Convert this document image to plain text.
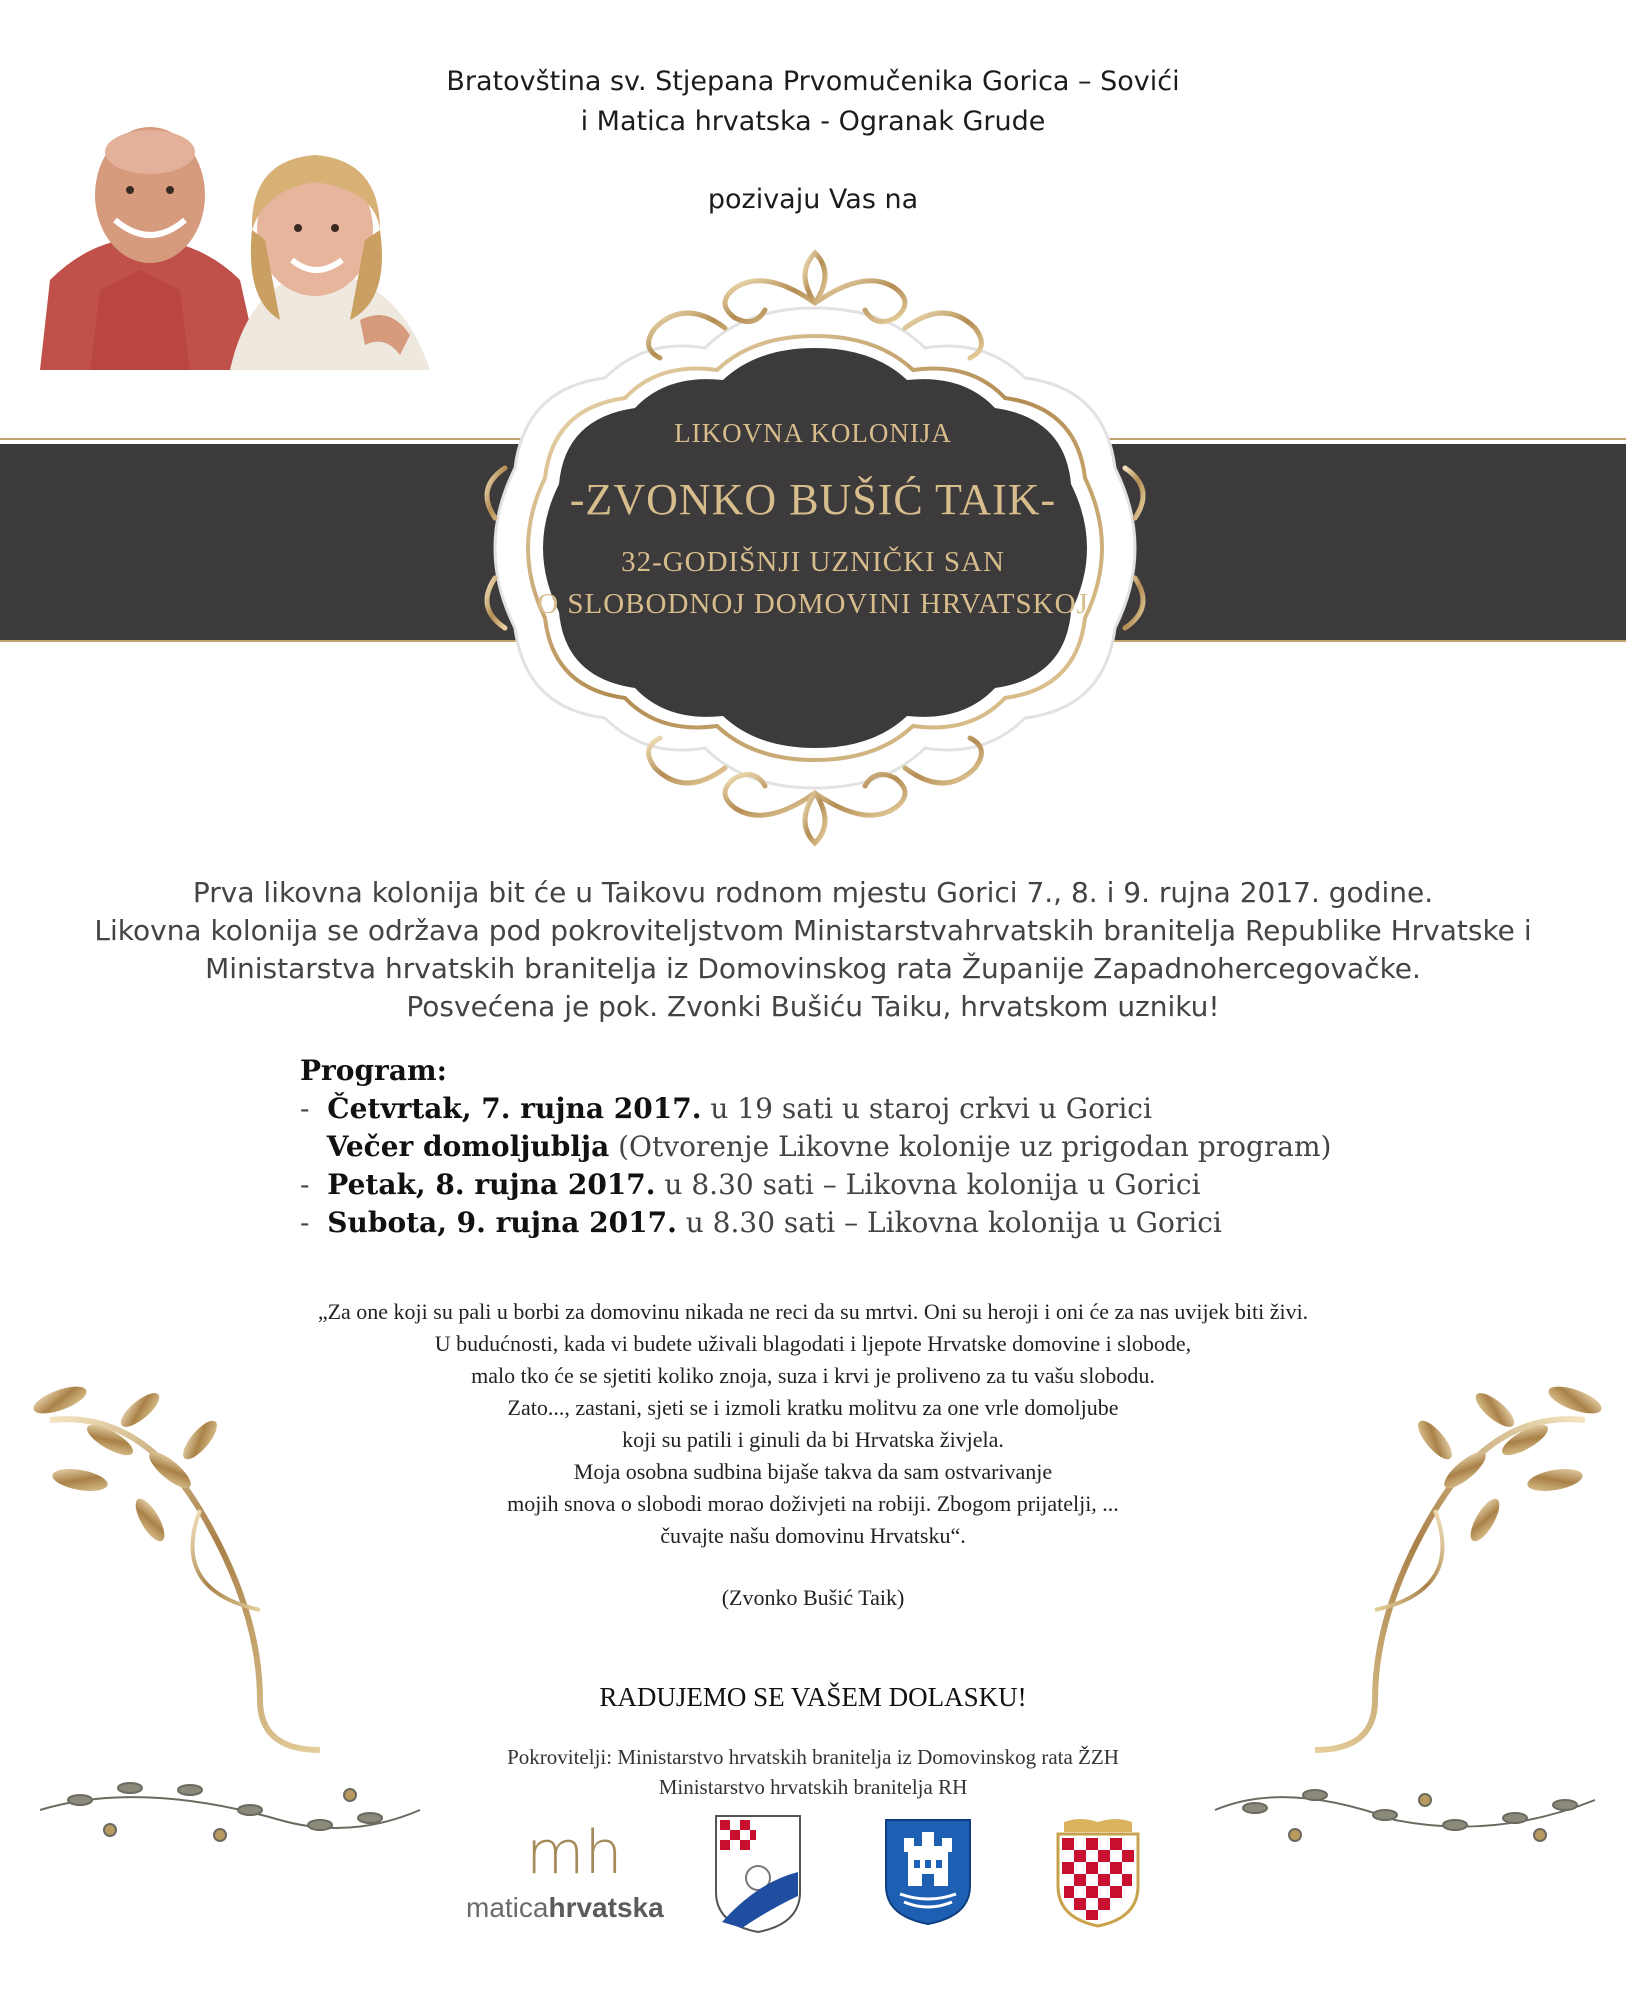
Bratovština sv. Stjepana Prvomučenika Gorica – Sovići
i Matica hrvatska - Ogranak Grude
pozivaju Vas na
LIKOVNA KOLONIJA
-ZVONKO BUŠIĆ TAIK-
32-GODIŠNJI UZNIČKI SAN
O SLOBODNOJ DOMOVINI HRVATSKOJ
Prva likovna kolonija bit će u Taikovu rodnom mjestu Gorici 7., 8. i 9. rujna 2017. godine.
Likovna kolonija se održava pod pokroviteljstvom Ministarstvahrvatskih branitelja Republike Hrvatske i
Ministarstva hrvatskih branitelja iz Domovinskog rata Županije Zapadnohercegovačke.
Posvećena je pok. Zvonki Bušiću Taiku, hrvatskom uzniku!
Program:
- Četvrtak, 7. rujna 2017. u 19 sati u staroj crkvi u Gorici
Večer domoljublja (Otvorenje Likovne kolonije uz prigodan program)
- Petak, 8. rujna 2017. u 8.30 sati – Likovna kolonija u Gorici
- Subota, 9. rujna 2017. u 8.30 sati – Likovna kolonija u Gorici
„Za one koji su pali u borbi za domovinu nikada ne reci da su mrtvi. Oni su heroji i oni će za nas uvijek biti živi.
U budućnosti, kada vi budete uživali blagodati i ljepote Hrvatske domovine i slobode,
malo tko će se sjetiti koliko znoja, suza i krvi je proliveno za tu vašu slobodu.
Zato..., zastani, sjeti se i izmoli kratku molitvu za one vrle domoljube
koji su patili i ginuli da bi Hrvatska živjela.
Moja osobna sudbina bijaše takva da sam ostvarivanje
mojih snova o slobodi morao doživjeti na robiji. Zbogom prijatelji, ...
čuvajte našu domovinu Hrvatsku“.
(Zvonko Bušić Taik)
RADUJEMO SE VAŠEM DOLASKU!
Pokrovitelji: Ministarstvo hrvatskih branitelja iz Domovinskog rata ŽZH
Ministarstvo hrvatskih branitelja RH
mh
maticahrvatska
